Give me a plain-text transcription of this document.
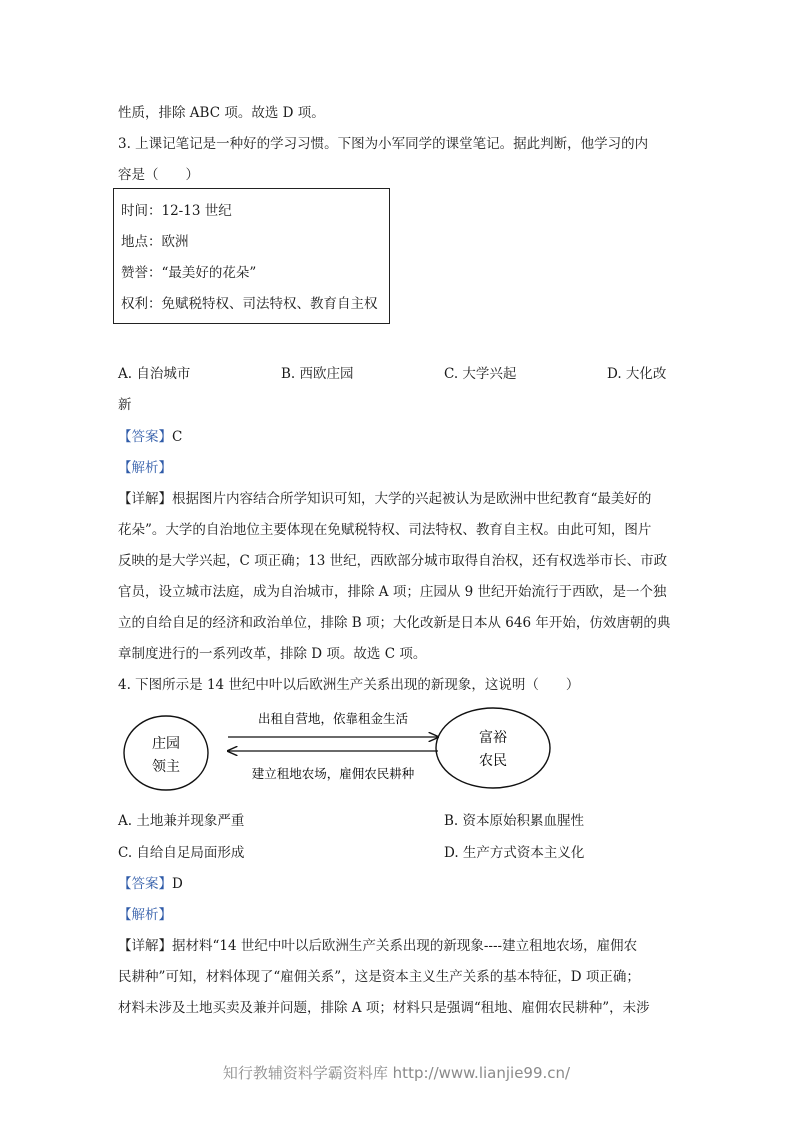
性质，排除 ABC 项。故选 D 项。
3. 上课记笔记是一种好的学习习惯。下图为小军同学的课堂笔记。据此判断，他学习的内
容是（　　）
时间：12-13 世纪
地点：欧洲
赞誉：“最美好的花朵”
权利：免赋税特权、司法特权、教育自主权
A. 自治城市	B. 西欧庄园	C. 大学兴起	D. 大化改
新
【答案】C
【解析】
【详解】根据图片内容结合所学知识可知，大学的兴起被认为是欧洲中世纪教育“最美好的
花朵”。大学的自治地位主要体现在免赋税特权、司法特权、教育自主权。由此可知，图片
反映的是大学兴起，C 项正确；13 世纪，西欧部分城市取得自治权，还有权选举市长、市政
官员，设立城市法庭，成为自治城市，排除 A 项；庄园从 9 世纪开始流行于西欧，是一个独
立的自给自足的经济和政治单位，排除 B 项；大化改新是日本从 646 年开始，仿效唐朝的典
章制度进行的一系列改革，排除 D 项。故选 C 项。
4. 下图所示是 14 世纪中叶以后欧洲生产关系出现的新现象，这说明（　　）
庄园
领主
富裕
农民
出租自营地，依靠租金生活
建立租地农场，雇佣农民耕种
A. 土地兼并现象严重	B. 资本原始积累血腥性
C. 自给自足局面形成	D. 生产方式资本主义化
【答案】D
【解析】
【详解】据材料“14 世纪中叶以后欧洲生产关系出现的新现象----建立租地农场，雇佣农
民耕种”可知，材料体现了“雇佣关系”，这是资本主义生产关系的基本特征，D 项正确；
材料未涉及土地买卖及兼并问题，排除 A 项；材料只是强调“租地、雇佣农民耕种”，未涉
知行教辅资料学霸资料库 http://www.lianjie99.cn/
